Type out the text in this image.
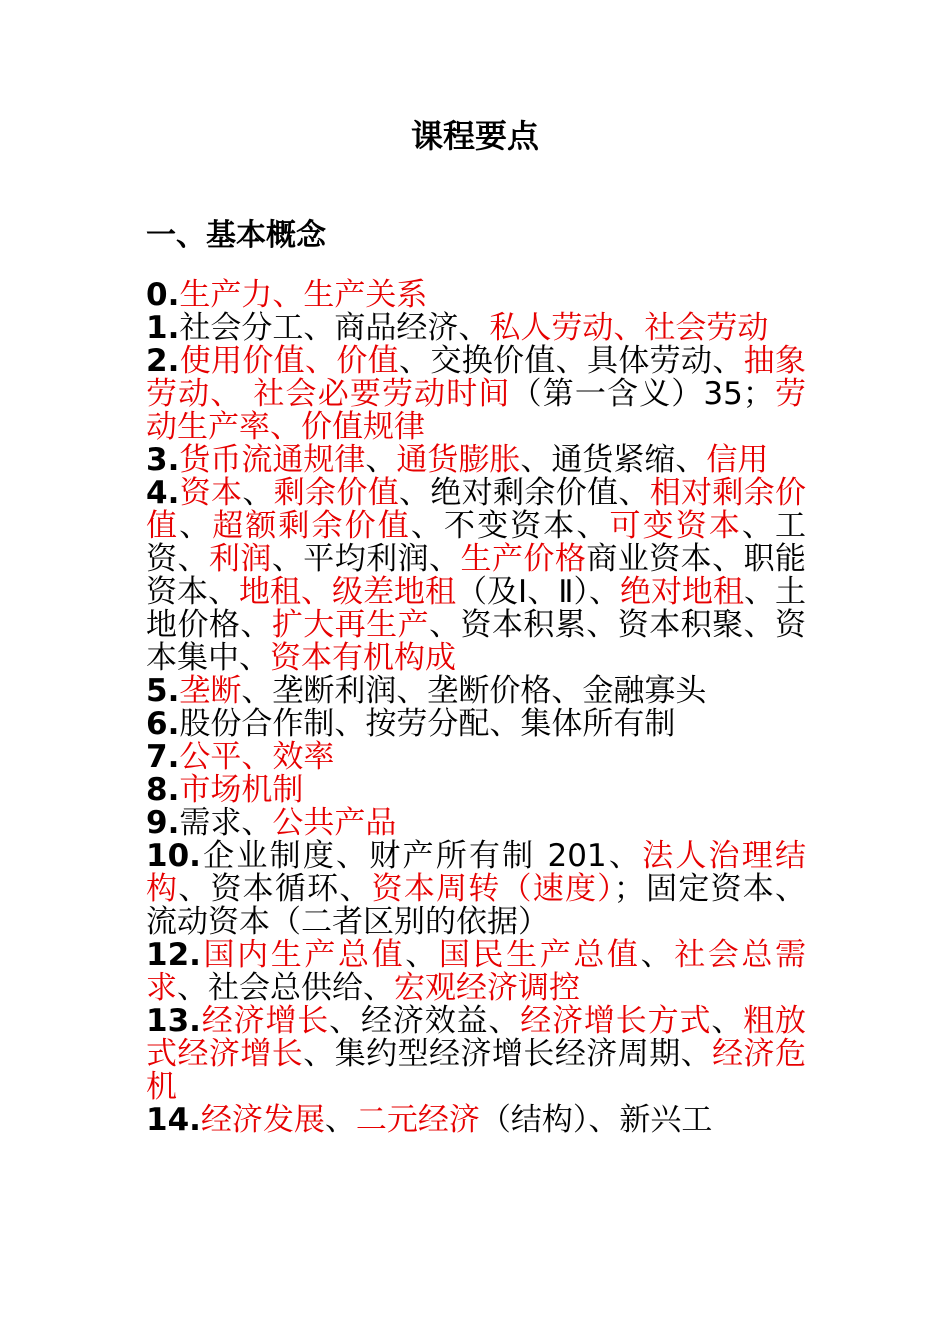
课程要点
一、基本概念

0.生产力、生产关系

1.社会分工、商品经济、私人劳动、社会劳动

2.使用价值、价值、交换价值、具体劳动、抽象劳动、 社会必要劳动时间（第一含义）35；劳动生产率、价值规律

3.货币流通规律、通货膨胀、通货紧缩、信用

4.资本、剩余价值、绝对剩余价值、相对剩余价值、超额剩余价值、不变资本、可变资本、工资、利润、平均利润、生产价格商业资本、职能资本、地租、级差地租（及Ⅰ、Ⅱ）、绝对地租、土地价格、扩大再生产、资本积累、资本积聚、资本集中、资本有机构成

5.垄断、垄断利润、垄断价格、金融寡头

6.股份合作制、按劳分配、集体所有制

7.公平、效率

8.市场机制

9.需求、公共产品

10.企业制度、财产所有制 201、法人治理结构、资本循环、资本周转（速度）；固定资本、流动资本（二者区别的依据）

12.国内生产总值、国民生产总值、社会总需求、社会总供给、宏观经济调控

13.经济增长、经济效益、经济增长方式、粗放式经济增长、集约型经济增长经济周期、经济危机

14.经济发展、二元经济（结构）、新兴工
